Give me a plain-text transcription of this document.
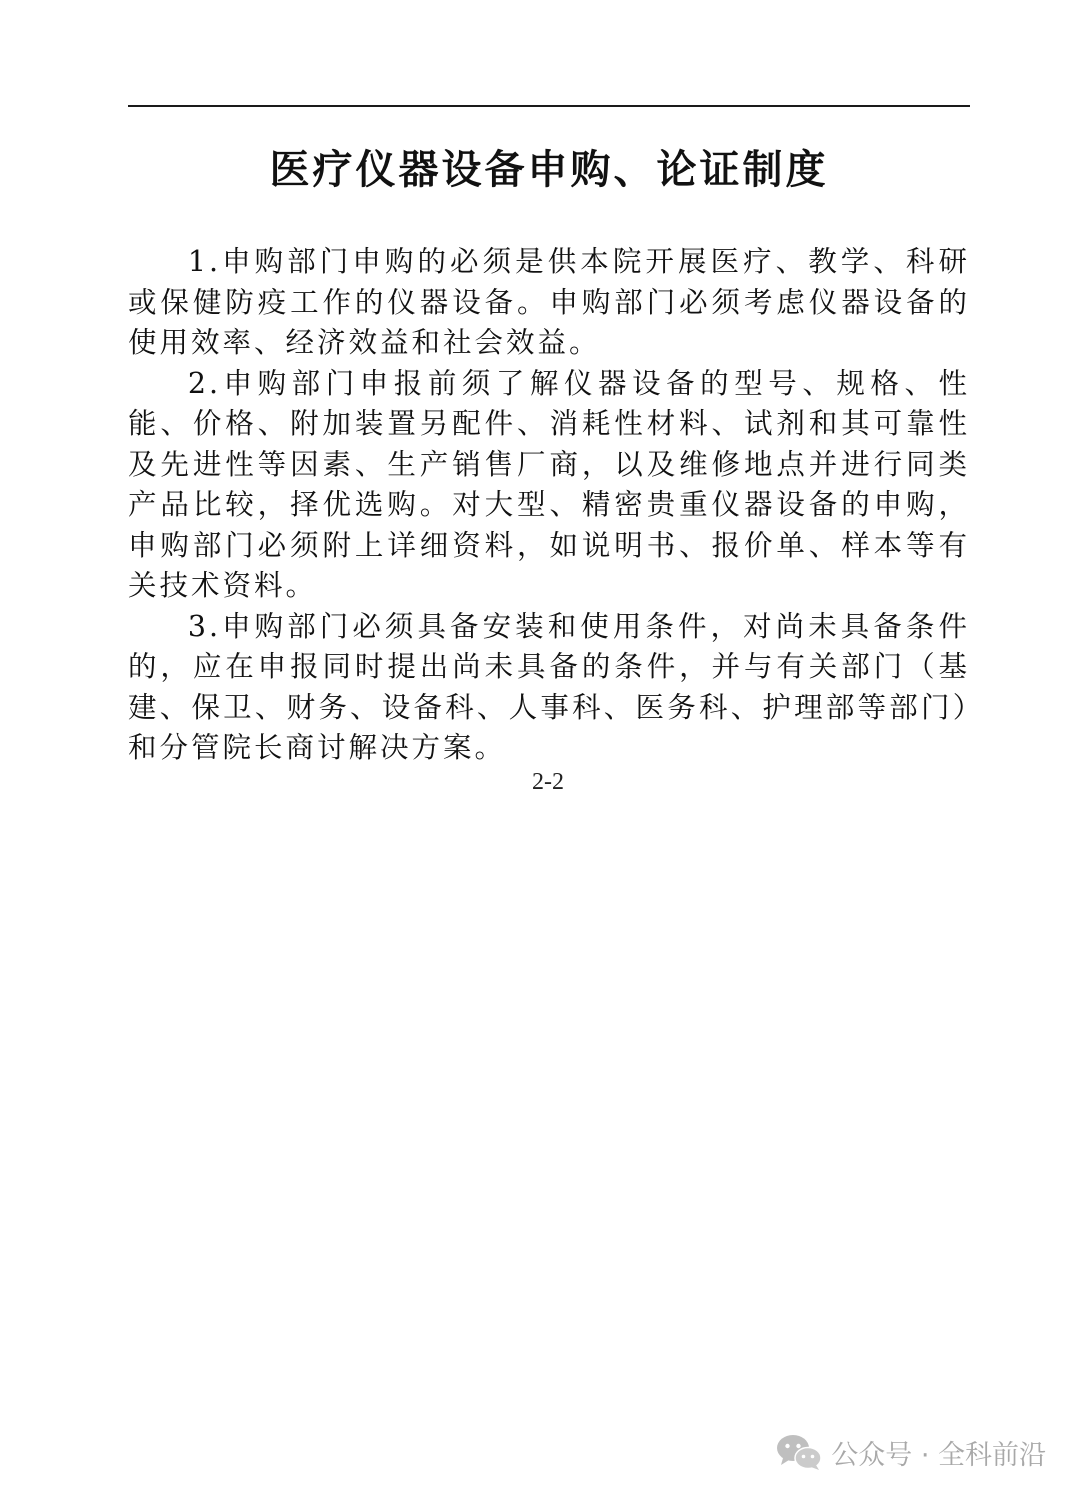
医疗仪器设备申购、论证制度

1.申购部门申购的必须是供本院开展医疗、教学、科研或保健防疫工作的仪器设备。申购部门必须考虑仪器设备的使用效率、经济效益和社会效益。

2.申购部门申报前须了解仪器设备的型号、规格、性能、价格、附加装置另配件、消耗性材料、试剂和其可靠性及先进性等因素、生产销售厂商，以及维修地点并进行同类产品比较，择优选购。对大型、精密贵重仪器设备的申购，申购部门必须附上详细资料，如说明书、报价单、样本等有关技术资料。

3.申购部门必须具备安装和使用条件，对尚未具备条件的，应在申报同时提出尚未具备的条件，并与有关部门（基建、保卫、财务、设备科、人事科、医务科、护理部等部门）和分管院长商讨解决方案。

2-2
公众号 · 全科前沿
